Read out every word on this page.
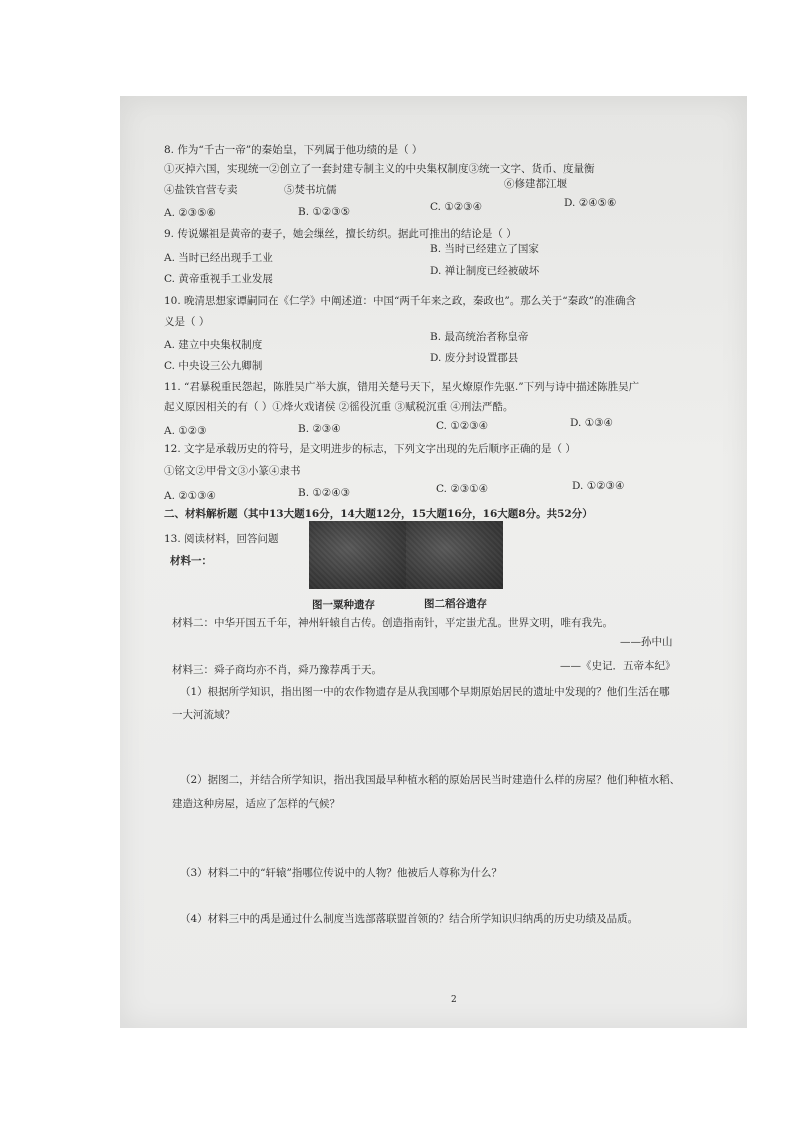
8. 作为“千古一帝”的秦始皇，下列属于他功绩的是（ ）
①灭掉六国，实现统一②创立了一套封建专制主义的中央集权制度③统一文字、货币、度量衡
④盐铁官营专卖	⑤焚书坑儒	⑥修建都江堰
A. ②③⑤⑥	B. ①②③⑤	C. ①②③④	D. ②④⑤⑥
9. 传说嫘祖是黄帝的妻子，她会缫丝，擅长纺织。据此可推出的结论是（ ）
B. 当时已经建立了国家
A. 当时已经出现手工业
D. 禅让制度已经被破坏
C. 黄帝重视手工业发展
10. 晚清思想家谭嗣同在《仁学》中阐述道：中国“两千年来之政，秦政也”。那么关于“秦政”的准确含
义是（ ）
B. 最高统治者称皇帝
A. 建立中央集权制度
D. 废分封设置郡县
C. 中央设三公九卿制
11. “君暴税重民怨起，陈胜吴广举大旗，错用关楚号天下，星火燎原作先驱.”下列与诗中描述陈胜吴广
起义原因相关的有（ ）①烽火戏诸侯 ②徭役沉重 ③赋税沉重 ④刑法严酷。
A. ①②③	B. ②③④	C. ①②③④	D. ①③④
12. 文字是承载历史的符号，是文明进步的标志，下列文字出现的先后顺序正确的是（ ）
①铭文②甲骨文③小篆④隶书
A. ②①③④	B. ①②④③	C. ②③①④	D. ①②③④
二、材料解析题（其中13大题16分，14大题12分，15大题16分，16大题8分。共52分）
13. 阅读材料，回答问题
材料一：
图一粟种遗存	图二稻谷遗存
材料二：中华开国五千年，神州轩辕自古传。创造指南针，平定蚩尤乱。世界文明，唯有我先。
——孙中山
材料三：舜子商均亦不肖，舜乃豫荐禹于天。	——《史记．五帝本纪》
（1）根据所学知识，指出图一中的农作物遗存是从我国哪个早期原始居民的遗址中发现的？他们生活在哪
一大河流域？
（2）据图二，并结合所学知识，指出我国最早种植水稻的原始居民当时建造什么样的房屋？他们种植水稻、
建造这种房屋，适应了怎样的气候？
（3）材料二中的“轩辕”指哪位传说中的人物？他被后人尊称为什么？
（4）材料三中的禹是通过什么制度当选部落联盟首领的？结合所学知识归纳禹的历史功绩及品质。
2
